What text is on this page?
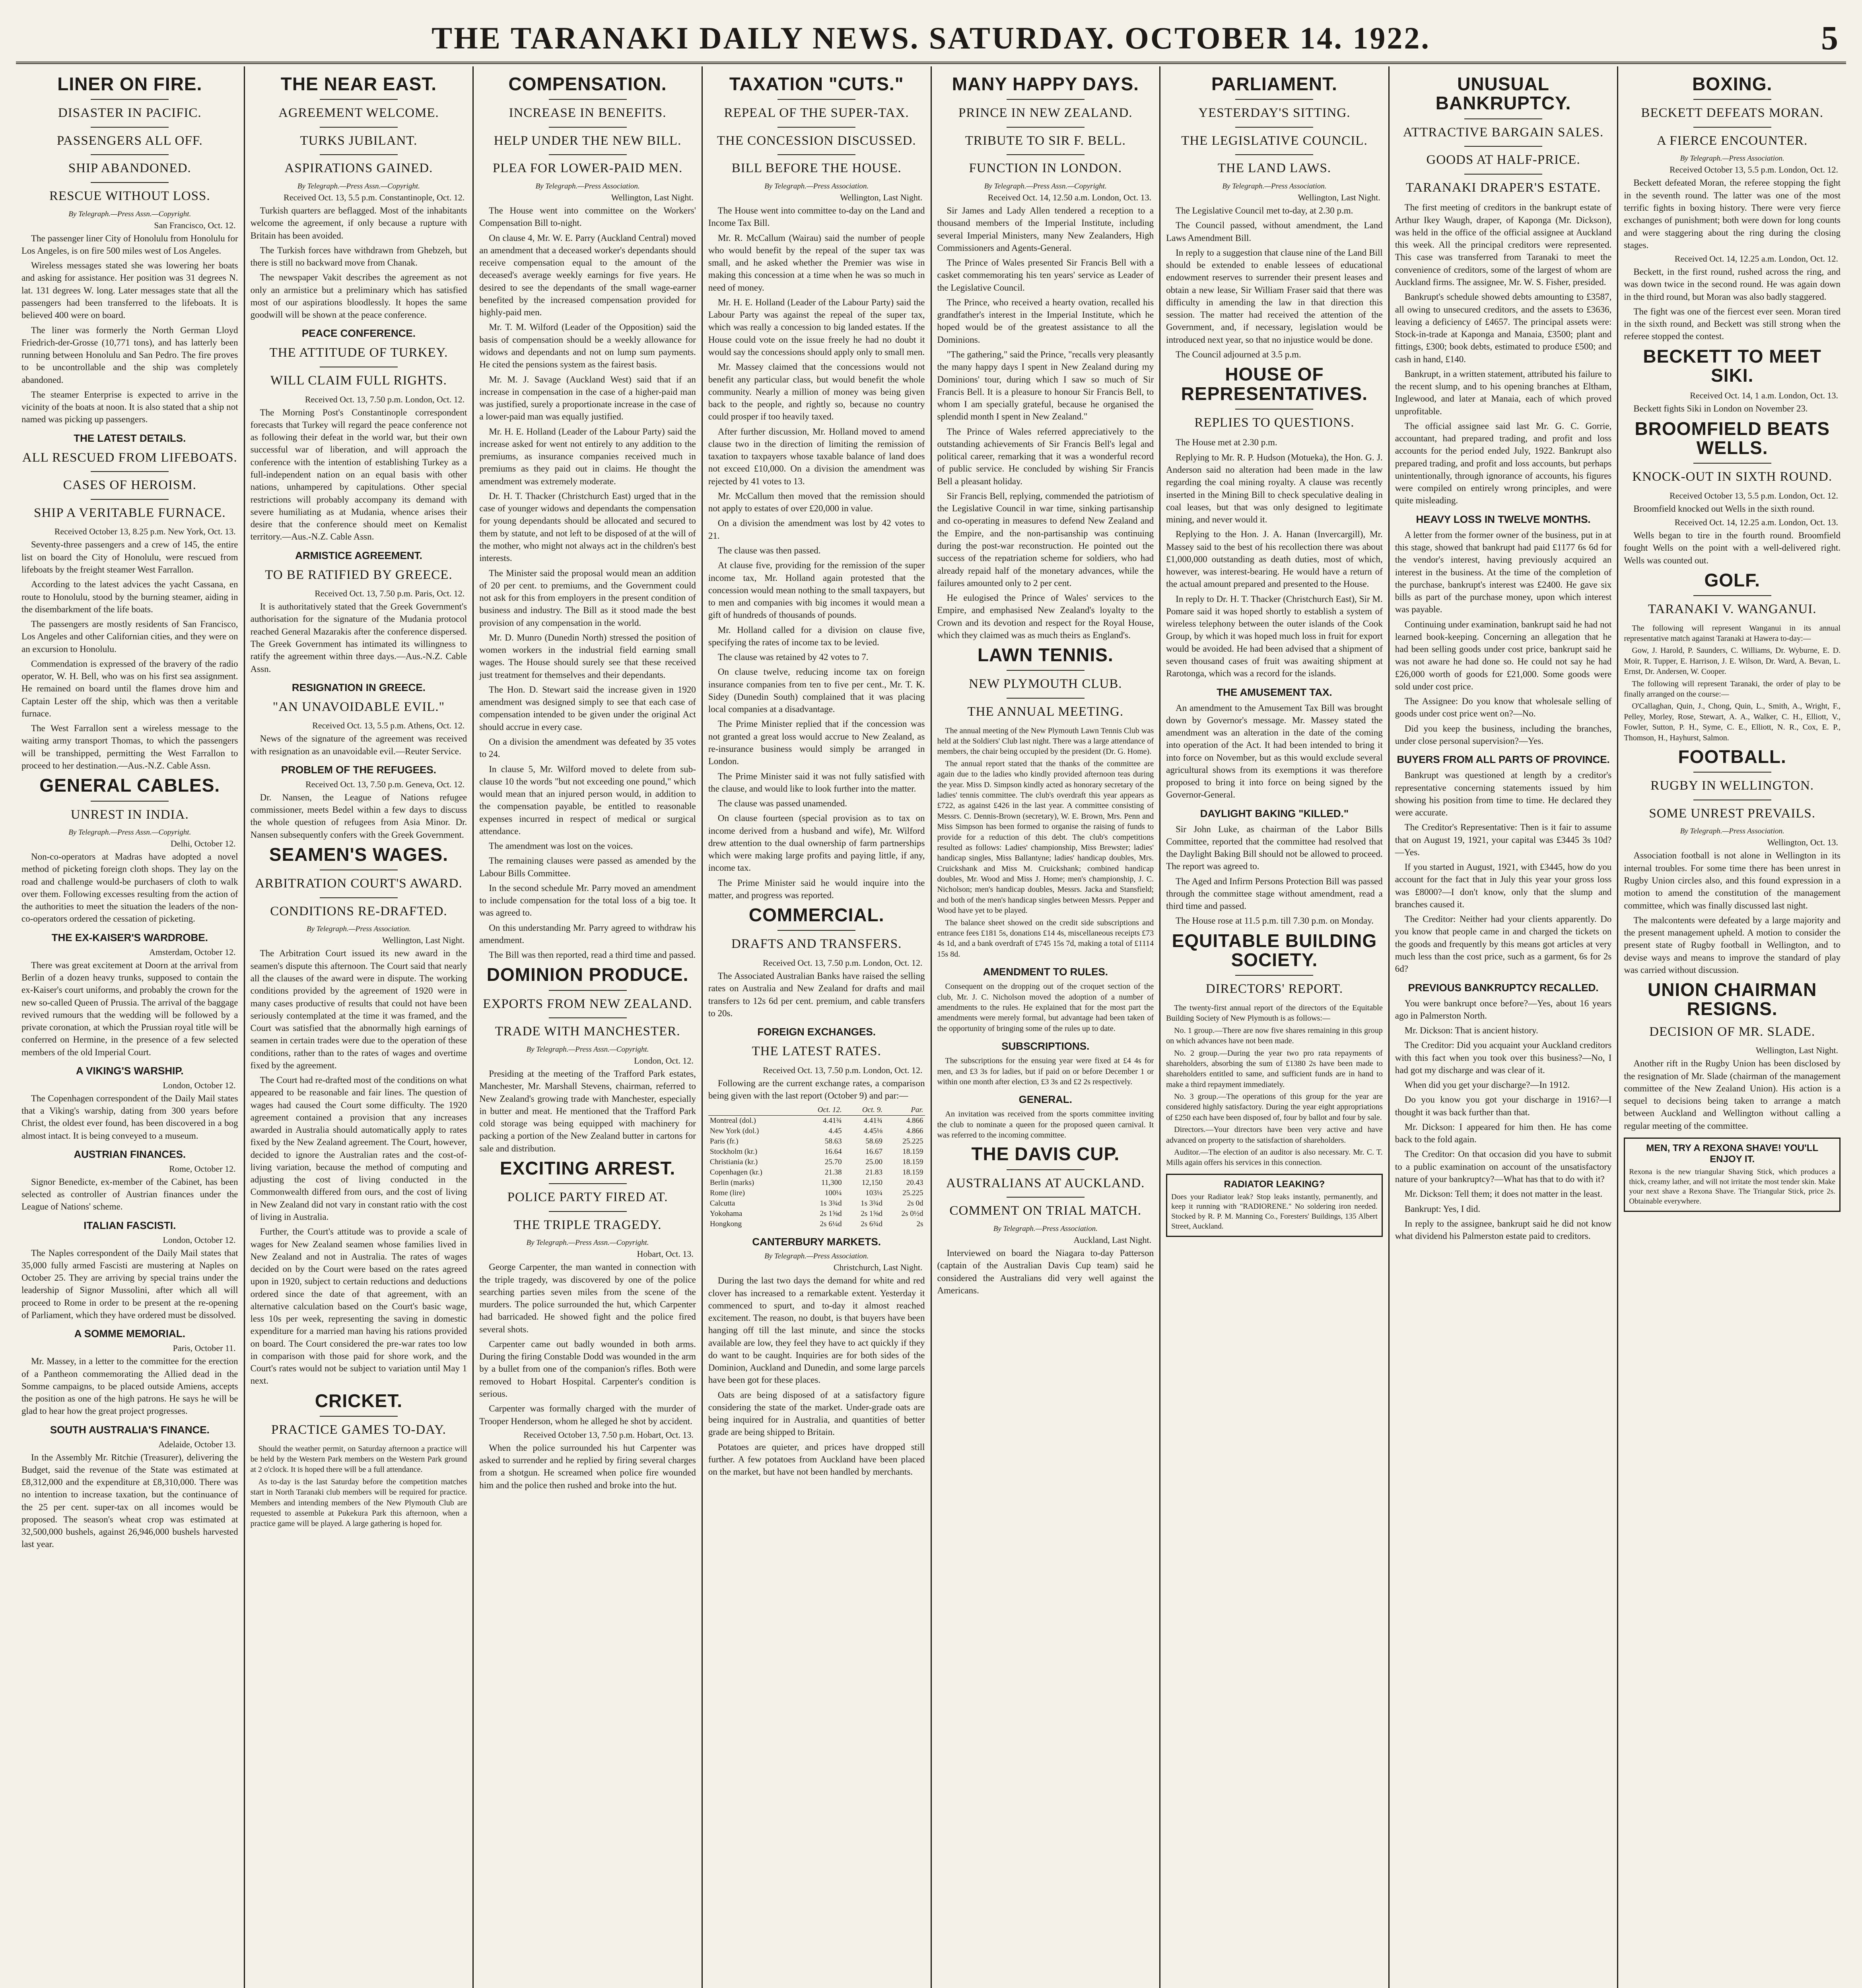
THE TARANAKI DAILY NEWS. SATURDAY. OCTOBER 14. 1922.	5
LINER ON FIRE.
DISASTER IN PACIFIC.
PASSENGERS ALL OFF.
SHIP ABANDONED.
RESCUE WITHOUT LOSS.
By Telegraph.—Press Assn.—Copyright.
San Francisco, Oct. 12.
The passenger liner City of Honolulu from Honolulu for Los Angeles, is on fire 500 miles west of Los Angeles.
Wireless messages stated she was lowering her boats and asking for assistance. Her position was 31 degrees N. lat. 131 degrees W. long. Later messages state that all the passengers had been transferred to the lifeboats. It is believed 400 were on board.
The liner was formerly the North German Lloyd Friedrich-der-Grosse (10,771 tons), and has latterly been running between Honolulu and San Pedro. The fire proves to be uncontrollable and the ship was completely abandoned.
The steamer Enterprise is expected to arrive in the vicinity of the boats at noon. It is also stated that a ship not named was picking up passengers.
THE LATEST DETAILS.
ALL RESCUED FROM LIFEBOATS.
CASES OF HEROISM.
SHIP A VERITABLE FURNACE.
Received October 13, 8.25 p.m. New York, Oct. 13.
Seventy-three passengers and a crew of 145, the entire list on board the City of Honolulu, were rescued from lifeboats by the freight steamer West Farrallon.
According to the latest advices the yacht Cassana, en route to Honolulu, stood by the burning steamer, aiding in the disembarkment of the life boats.
The passengers are mostly residents of San Francisco, Los Angeles and other Californian cities, and they were on an excursion to Honolulu.
Commendation is expressed of the bravery of the radio operator, W. H. Bell, who was on his first sea assignment. He remained on board until the flames drove him and Captain Lester off the ship, which was then a veritable furnace.
The West Farrallon sent a wireless message to the waiting army transport Thomas, to which the passengers will be transhipped, permitting the West Farrallon to proceed to her destination.—Aus.-N.Z. Cable Assn.
GENERAL CABLES.
UNREST IN INDIA.
By Telegraph.—Press Assn.—Copyright.
Delhi, October 12.
Non-co-operators at Madras have adopted a novel method of picketing foreign cloth shops. They lay on the road and challenge would-be purchasers of cloth to walk over them. Following excesses resulting from the action of the authorities to meet the situation the leaders of the non-co-operators ordered the cessation of picketing.
THE EX-KAISER'S WARDROBE.
Amsterdam, October 12.
There was great excitement at Doorn at the arrival from Berlin of a dozen heavy trunks, supposed to contain the ex-Kaiser's court uniforms, and probably the crown for the new so-called Queen of Prussia. The arrival of the baggage revived rumours that the wedding will be followed by a private coronation, at which the Prussian royal title will be conferred on Hermine, in the presence of a few selected members of the old Imperial Court.
A VIKING'S WARSHIP.
London, October 12.
The Copenhagen correspondent of the Daily Mail states that a Viking's warship, dating from 300 years before Christ, the oldest ever found, has been discovered in a bog almost intact. It is being conveyed to a museum.
AUSTRIAN FINANCES.
Rome, October 12.
Signor Benedicte, ex-member of the Cabinet, has been selected as controller of Austrian finances under the League of Nations' scheme.
ITALIAN FASCISTI.
London, October 12.
The Naples correspondent of the Daily Mail states that 35,000 fully armed Fascisti are mustering at Naples on October 25. They are arriving by special trains under the leadership of Signor Mussolini, after which all will proceed to Rome in order to be present at the re-opening of Parliament, which they have ordered must be dissolved.
A SOMME MEMORIAL.
Paris, October 11.
Mr. Massey, in a letter to the committee for the erection of a Pantheon commemorating the Allied dead in the Somme campaigns, to be placed outside Amiens, accepts the position as one of the high patrons. He says he will be glad to hear how the great project progresses.
SOUTH AUSTRALIA'S FINANCE.
Adelaide, October 13.
In the Assembly Mr. Ritchie (Treasurer), delivering the Budget, said the revenue of the State was estimated at £8,312,000 and the expenditure at £8,310,000. There was no intention to increase taxation, but the continuance of the 25 per cent. super-tax on all incomes would be proposed. The season's wheat crop was estimated at 32,500,000 bushels, against 26,946,000 bushels harvested last year.
THE NEAR EAST.
AGREEMENT WELCOME.
TURKS JUBILANT.
ASPIRATIONS GAINED.
By Telegraph.—Press Assn.—Copyright.
Received Oct. 13, 5.5 p.m. Constantinople, Oct. 12.
Turkish quarters are beflagged. Most of the inhabitants welcome the agreement, if only because a rupture with Britain has been avoided.
The Turkish forces have withdrawn from Ghebzeh, but there is still no backward move from Chanak.
The newspaper Vakit describes the agreement as not only an armistice but a preliminary which has satisfied most of our aspirations bloodlessly. It hopes the same goodwill will be shown at the peace conference.
PEACE CONFERENCE.
THE ATTITUDE OF TURKEY.
WILL CLAIM FULL RIGHTS.
Received Oct. 13, 7.50 p.m. London, Oct. 12.
The Morning Post's Constantinople correspondent forecasts that Turkey will regard the peace conference not as following their defeat in the world war, but their own successful war of liberation, and will approach the conference with the intention of establishing Turkey as a full-independent nation on an equal basis with other nations, unhampered by capitulations. Other special restrictions will probably accompany its demand with severe humiliating as at Mudania, whence arises their desire that the conference should meet on Kemalist territory.—Aus.-N.Z. Cable Assn.
ARMISTICE AGREEMENT.
TO BE RATIFIED BY GREECE.
Received Oct. 13, 7.50 p.m. Paris, Oct. 12.
It is authoritatively stated that the Greek Government's authorisation for the signature of the Mudania protocol reached General Mazarakis after the conference dispersed. The Greek Government has intimated its willingness to ratify the agreement within three days.—Aus.-N.Z. Cable Assn.
RESIGNATION IN GREECE.
"AN UNAVOIDABLE EVIL."
Received Oct. 13, 5.5 p.m. Athens, Oct. 12.
News of the signature of the agreement was received with resignation as an unavoidable evil.—Reuter Service.
PROBLEM OF THE REFUGEES.
Received Oct. 13, 7.50 p.m. Geneva, Oct. 12.
Dr. Nansen, the League of Nations refugee commissioner, meets Bedel within a few days to discuss the whole question of refugees from Asia Minor. Dr. Nansen subsequently confers with the Greek Government.
SEAMEN'S WAGES.
ARBITRATION COURT'S AWARD.
CONDITIONS RE-DRAFTED.
By Telegraph.—Press Association.
Wellington, Last Night.
The Arbitration Court issued its new award in the seamen's dispute this afternoon. The Court said that nearly all the clauses of the award were in dispute. The working conditions provided by the agreement of 1920 were in many cases productive of results that could not have been seriously contemplated at the time it was framed, and the Court was satisfied that the abnormally high earnings of seamen in certain trades were due to the operation of these conditions, rather than to the rates of wages and overtime fixed by the agreement.
The Court had re-drafted most of the conditions on what appeared to be reasonable and fair lines. The question of wages had caused the Court some difficulty. The 1920 agreement contained a provision that any increases awarded in Australia should automatically apply to rates fixed by the New Zealand agreement. The Court, however, decided to ignore the Australian rates and the cost-of-living variation, because the method of computing and adjusting the cost of living conducted in the Commonwealth differed from ours, and the cost of living in New Zealand did not vary in constant ratio with the cost of living in Australia.
Further, the Court's attitude was to provide a scale of wages for New Zealand seamen whose families lived in New Zealand and not in Australia. The rates of wages decided on by the Court were based on the rates agreed upon in 1920, subject to certain reductions and deductions ordered since the date of that agreement, with an alternative calculation based on the Court's basic wage, less 10s per week, representing the saving in domestic expenditure for a married man having his rations provided on board. The Court considered the pre-war rates too low in comparison with those paid for shore work, and the Court's rates would not be subject to variation until May 1 next.
CRICKET.
PRACTICE GAMES TO-DAY.
Should the weather permit, on Saturday afternoon a practice will be held by the Western Park members on the Western Park ground at 2 o'clock. It is hoped there will be a full attendance.
As to-day is the last Saturday before the competition matches start in North Taranaki club members will be required for practice. Members and intending members of the New Plymouth Club are requested to assemble at Pukekura Park this afternoon, when a practice game will be played. A large gathering is hoped for.
COMPENSATION.
INCREASE IN BENEFITS.
HELP UNDER THE NEW BILL.
PLEA FOR LOWER-PAID MEN.
By Telegraph.—Press Association.
Wellington, Last Night.
The House went into committee on the Workers' Compensation Bill to-night.
On clause 4, Mr. W. E. Parry (Auckland Central) moved an amendment that a deceased worker's dependants should receive compensation equal to the amount of the deceased's average weekly earnings for five years. He desired to see the dependants of the small wage-earner benefited by the increased compensation provided for highly-paid men.
Mr. T. M. Wilford (Leader of the Opposition) said the basis of compensation should be a weekly allowance for widows and dependants and not on lump sum payments. He cited the pensions system as the fairest basis.
Mr. M. J. Savage (Auckland West) said that if an increase in compensation in the case of a higher-paid man was justified, surely a proportionate increase in the case of a lower-paid man was equally justified.
Mr. H. E. Holland (Leader of the Labour Party) said the increase asked for went not entirely to any addition to the premiums, as insurance companies received much in premiums as they paid out in claims. He thought the amendment was extremely moderate.
Dr. H. T. Thacker (Christchurch East) urged that in the case of younger widows and dependants the compensation for young dependants should be allocated and secured to them by statute, and not left to be disposed of at the will of the mother, who might not always act in the children's best interests.
The Minister said the proposal would mean an addition of 20 per cent. to premiums, and the Government could not ask for this from employers in the present condition of business and industry. The Bill as it stood made the best provision of any compensation in the world.
Mr. D. Munro (Dunedin North) stressed the position of women workers in the industrial field earning small wages. The House should surely see that these received just treatment for themselves and their dependants.
The Hon. D. Stewart said the increase given in 1920 amendment was designed simply to see that each case of compensation intended to be given under the original Act should accrue in every case.
On a division the amendment was defeated by 35 votes to 24.
In clause 5, Mr. Wilford moved to delete from sub-clause 10 the words "but not exceeding one pound," which would mean that an injured person would, in addition to the compensation payable, be entitled to reasonable expenses incurred in respect of medical or surgical attendance.
The amendment was lost on the voices.
The remaining clauses were passed as amended by the Labour Bills Committee.
In the second schedule Mr. Parry moved an amendment to include compensation for the total loss of a big toe. It was agreed to.
On this understanding Mr. Parry agreed to withdraw his amendment.
The Bill was then reported, read a third time and passed.
DOMINION PRODUCE.
EXPORTS FROM NEW ZEALAND.
TRADE WITH MANCHESTER.
By Telegraph.—Press Assn.—Copyright.
London, Oct. 12.
Presiding at the meeting of the Trafford Park estates, Manchester, Mr. Marshall Stevens, chairman, referred to New Zealand's growing trade with Manchester, especially in butter and meat. He mentioned that the Trafford Park cold storage was being equipped with machinery for packing a portion of the New Zealand butter in cartons for sale and distribution.
EXCITING ARREST.
POLICE PARTY FIRED AT.
THE TRIPLE TRAGEDY.
By Telegraph.—Press Assn.—Copyright.
Hobart, Oct. 13.
George Carpenter, the man wanted in connection with the triple tragedy, was discovered by one of the police searching parties seven miles from the scene of the murders. The police surrounded the hut, which Carpenter had barricaded. He showed fight and the police fired several shots.
Carpenter came out badly wounded in both arms. During the firing Constable Dodd was wounded in the arm by a bullet from one of the companion's rifles. Both were removed to Hobart Hospital. Carpenter's condition is serious.
Carpenter was formally charged with the murder of Trooper Henderson, whom he alleged he shot by accident.
Received October 13, 7.50 p.m. Hobart, Oct. 13.
When the police surrounded his hut Carpenter was asked to surrender and he replied by firing several charges from a shotgun. He screamed when police fire wounded him and the police then rushed and broke into the hut.
TAXATION "CUTS."
REPEAL OF THE SUPER-TAX.
THE CONCESSION DISCUSSED.
BILL BEFORE THE HOUSE.
By Telegraph.—Press Association.
Wellington, Last Night.
The House went into committee to-day on the Land and Income Tax Bill.
Mr. R. McCallum (Wairau) said the number of people who would benefit by the repeal of the super tax was small, and he asked whether the Premier was wise in making this concession at a time when he was so much in need of money.
Mr. H. E. Holland (Leader of the Labour Party) said the Labour Party was against the repeal of the super tax, which was really a concession to big landed estates. If the House could vote on the issue freely he had no doubt it would say the concessions should apply only to small men.
Mr. Massey claimed that the concessions would not benefit any particular class, but would benefit the whole community. Nearly a million of money was being given back to the people, and rightly so, because no country could prosper if too heavily taxed.
After further discussion, Mr. Holland moved to amend clause two in the direction of limiting the remission of taxation to taxpayers whose taxable balance of land does not exceed £10,000. On a division the amendment was rejected by 41 votes to 13.
Mr. McCallum then moved that the remission should not apply to estates of over £20,000 in value.
On a division the amendment was lost by 42 votes to 21.
The clause was then passed.
At clause five, providing for the remission of the super income tax, Mr. Holland again protested that the concession would mean nothing to the small taxpayers, but to men and companies with big incomes it would mean a gift of hundreds of thousands of pounds.
Mr. Holland called for a division on clause five, specifying the rates of income tax to be levied.
The clause was retained by 42 votes to 7.
On clause twelve, reducing income tax on foreign insurance companies from ten to five per cent., Mr. T. K. Sidey (Dunedin South) complained that it was placing local companies at a disadvantage.
The Prime Minister replied that if the concession was not granted a great loss would accrue to New Zealand, as re-insurance business would simply be arranged in London.
The Prime Minister said it was not fully satisfied with the clause, and would like to look further into the matter.
The clause was passed unamended.
On clause fourteen (special provision as to tax on income derived from a husband and wife), Mr. Wilford drew attention to the dual ownership of farm partnerships which were making large profits and paying little, if any, income tax.
The Prime Minister said he would inquire into the matter, and progress was reported.
COMMERCIAL.
DRAFTS AND TRANSFERS.
Received Oct. 13, 7.50 p.m. London, Oct. 12.
The Associated Australian Banks have raised the selling rates on Australia and New Zealand for drafts and mail transfers to 12s 6d per cent. premium, and cable transfers to 20s.
FOREIGN EXCHANGES.
THE LATEST RATES.
Received Oct. 13, 7.50 p.m. London, Oct. 12.
Following are the current exchange rates, a comparison being given with the last report (October 9) and par:—
	Oct. 12.	Oct. 9.	Par.
Montreal (dol.)	4.41¾	4.41¾	4.866
New York (dol.)	4.45	4.45⅛	4.866
Paris (fr.)	58.63	58.69	25.225
Stockholm (kr.)	16.64	16.67	18.159
Christiania (kr.)	25.70	25.00	18.159
Copenhagen (kr.)	21.38	21.83	18.159
Berlin (marks)	11,300	12,150	20.43
Rome (lire)	100¼	103¼	25.225
Calcutta	1s 3¾d	1s 3¾d	2s 0d
Yokohama	2s 1⅝d	2s 1⅝d	2s 0½d
Hongkong	2s 6¼d	2s 6¾d	2s
CANTERBURY MARKETS.
By Telegraph.—Press Association.
Christchurch, Last Night.
During the last two days the demand for white and red clover has increased to a remarkable extent. Yesterday it commenced to spurt, and to-day it almost reached excitement. The reason, no doubt, is that buyers have been hanging off till the last minute, and since the stocks available are low, they feel they have to act quickly if they do want to be caught. Inquiries are for both sides of the Dominion, Auckland and Dunedin, and some large parcels have been got for these places.
Oats are being disposed of at a satisfactory figure considering the state of the market. Under-grade oats are being inquired for in Australia, and quantities of better grade are being shipped to Britain.
Potatoes are quieter, and prices have dropped still further. A few potatoes from Auckland have been placed on the market, but have not been handled by merchants.
MANY HAPPY DAYS.
PRINCE IN NEW ZEALAND.
TRIBUTE TO SIR F. BELL.
FUNCTION IN LONDON.
By Telegraph.—Press Assn.—Copyright.
Received Oct. 14, 12.50 a.m. London, Oct. 13.
Sir James and Lady Allen tendered a reception to a thousand members of the Imperial Institute, including several Imperial Ministers, many New Zealanders, High Commissioners and Agents-General.
The Prince of Wales presented Sir Francis Bell with a casket commemorating his ten years' service as Leader of the Legislative Council.
The Prince, who received a hearty ovation, recalled his grandfather's interest in the Imperial Institute, which he hoped would be of the greatest assistance to all the Dominions.
"The gathering," said the Prince, "recalls very pleasantly the many happy days I spent in New Zealand during my Dominions' tour, during which I saw so much of Sir Francis Bell. It is a pleasure to honour Sir Francis Bell, to whom I am specially grateful, because he organised the splendid month I spent in New Zealand."
The Prince of Wales referred appreciatively to the outstanding achievements of Sir Francis Bell's legal and political career, remarking that it was a wonderful record of public service. He concluded by wishing Sir Francis Bell a pleasant holiday.
Sir Francis Bell, replying, commended the patriotism of the Legislative Council in war time, sinking partisanship and co-operating in measures to defend New Zealand and the Empire, and the non-partisanship was continuing during the post-war reconstruction. He pointed out the success of the repatriation scheme for soldiers, who had already repaid half of the monetary advances, while the failures amounted only to 2 per cent.
He eulogised the Prince of Wales' services to the Empire, and emphasised New Zealand's loyalty to the Crown and its devotion and respect for the Royal House, which they claimed was as much theirs as England's.
LAWN TENNIS.
NEW PLYMOUTH CLUB.
THE ANNUAL MEETING.
The annual meeting of the New Plymouth Lawn Tennis Club was held at the Soldiers' Club last night. There was a large attendance of members, the chair being occupied by the president (Dr. G. Home).
The annual report stated that the thanks of the committee are again due to the ladies who kindly provided afternoon teas during the year. Miss D. Simpson kindly acted as honorary secretary of the ladies' tennis committee. The club's overdraft this year appears as £722, as against £426 in the last year. A committee consisting of Messrs. C. Dennis-Brown (secretary), W. E. Brown, Mrs. Penn and Miss Simpson has been formed to organise the raising of funds to provide for a reduction of this debt. The club's competitions resulted as follows: Ladies' championship, Miss Brewster; ladies' handicap singles, Miss Ballantyne; ladies' handicap doubles, Mrs. Cruickshank and Miss M. Cruickshank; combined handicap doubles, Mr. Wood and Miss J. Home; men's championship, J. C. Nicholson; men's handicap doubles, Messrs. Jacka and Stansfield; and both of the men's handicap singles between Messrs. Pepper and Wood have yet to be played.
The balance sheet showed on the credit side subscriptions and entrance fees £181 5s, donations £14 4s, miscellaneous receipts £73 4s 1d, and a bank overdraft of £745 15s 7d, making a total of £1114 15s 8d.
AMENDMENT TO RULES.
Consequent on the dropping out of the croquet section of the club, Mr. J. C. Nicholson moved the adoption of a number of amendments to the rules. He explained that for the most part the amendments were merely formal, but advantage had been taken of the opportunity of bringing some of the rules up to date.
SUBSCRIPTIONS.
The subscriptions for the ensuing year were fixed at £4 4s for men, and £3 3s for ladies, but if paid on or before December 1 or within one month after election, £3 3s and £2 2s respectively.
GENERAL.
An invitation was received from the sports committee inviting the club to nominate a queen for the proposed queen carnival. It was referred to the incoming committee.
THE DAVIS CUP.
AUSTRALIANS AT AUCKLAND.
COMMENT ON TRIAL MATCH.
By Telegraph.—Press Association.
Auckland, Last Night.
Interviewed on board the Niagara to-day Patterson (captain of the Australian Davis Cup team) said he considered the Australians did very well against the Americans.
PARLIAMENT.
YESTERDAY'S SITTING.
THE LEGISLATIVE COUNCIL.
THE LAND LAWS.
By Telegraph.—Press Association.
Wellington, Last Night.
The Legislative Council met to-day, at 2.30 p.m.
The Council passed, without amendment, the Land Laws Amendment Bill.
In reply to a suggestion that clause nine of the Land Bill should be extended to enable lessees of educational endowment reserves to surrender their present leases and obtain a new lease, Sir William Fraser said that there was difficulty in amending the law in that direction this session. The matter had received the attention of the Government, and, if necessary, legislation would be introduced next year, so that no injustice would be done.
The Council adjourned at 3.5 p.m.
HOUSE OF REPRESENTATIVES.
REPLIES TO QUESTIONS.
The House met at 2.30 p.m.
Replying to Mr. R. P. Hudson (Motueka), the Hon. G. J. Anderson said no alteration had been made in the law regarding the coal mining royalty. A clause was recently inserted in the Mining Bill to check speculative dealing in coal leases, but that was only designed to legitimate mining, and never would it.
Replying to the Hon. J. A. Hanan (Invercargill), Mr. Massey said to the best of his recollection there was about £1,000,000 outstanding as death duties, most of which, however, was interest-bearing. He would have a return of the actual amount prepared and presented to the House.
In reply to Dr. H. T. Thacker (Christchurch East), Sir M. Pomare said it was hoped shortly to establish a system of wireless telephony between the outer islands of the Cook Group, by which it was hoped much loss in fruit for export would be avoided. He had been advised that a shipment of seven thousand cases of fruit was awaiting shipment at Rarotonga, which was a record for the islands.
THE AMUSEMENT TAX.
An amendment to the Amusement Tax Bill was brought down by Governor's message. Mr. Massey stated the amendment was an alteration in the date of the coming into operation of the Act. It had been intended to bring it into force on November, but as this would exclude several agricultural shows from its exemptions it was therefore proposed to bring it into force on being signed by the Governor-General.
DAYLIGHT BAKING "KILLED."
Sir John Luke, as chairman of the Labor Bills Committee, reported that the committee had resolved that the Daylight Baking Bill should not be allowed to proceed. The report was agreed to.
The Aged and Infirm Persons Protection Bill was passed through the committee stage without amendment, read a third time and passed.
The House rose at 11.5 p.m. till 7.30 p.m. on Monday.
EQUITABLE BUILDING SOCIETY.
DIRECTORS' REPORT.
The twenty-first annual report of the directors of the Equitable Building Society of New Plymouth is as follows:—
No. 1 group.—There are now five shares remaining in this group on which advances have not been made.
No. 2 group.—During the year two pro rata repayments of shareholders, absorbing the sum of £1380 2s have been made to shareholders entitled to same, and sufficient funds are in hand to make a third repayment immediately.
No. 3 group.—The operations of this group for the year are considered highly satisfactory. During the year eight appropriations of £250 each have been disposed of, four by ballot and four by sale.
Directors.—Your directors have been very active and have advanced on property to the satisfaction of shareholders.
Auditor.—The election of an auditor is also necessary. Mr. C. T. Mills again offers his services in this connection.
RADIATOR LEAKING?
Does your Radiator leak? Stop leaks instantly, permanently, and keep it running with "RADIORENE." No soldering iron needed. Stocked by R. P. M. Manning Co., Foresters' Buildings, 135 Albert Street, Auckland.
UNUSUAL BANKRUPTCY.
ATTRACTIVE BARGAIN SALES.
GOODS AT HALF-PRICE.
TARANAKI DRAPER'S ESTATE.
The first meeting of creditors in the bankrupt estate of Arthur Ikey Waugh, draper, of Kaponga (Mr. Dickson), was held in the office of the official assignee at Auckland this week. All the principal creditors were represented. This case was transferred from Taranaki to meet the convenience of creditors, some of the largest of whom are Auckland firms. The assignee, Mr. W. S. Fisher, presided.
Bankrupt's schedule showed debts amounting to £3587, all owing to unsecured creditors, and the assets to £3636, leaving a deficiency of £4657. The principal assets were: Stock-in-trade at Kaponga and Manaia, £3500; plant and fittings, £300; book debts, estimated to produce £500; and cash in hand, £140.
Bankrupt, in a written statement, attributed his failure to the recent slump, and to his opening branches at Eltham, Inglewood, and later at Manaia, each of which proved unprofitable.
The official assignee said last Mr. G. C. Gorrie, accountant, had prepared trading, and profit and loss accounts for the period ended July, 1922. Bankrupt also prepared trading, and profit and loss accounts, but perhaps unintentionally, through ignorance of accounts, his figures were compiled on entirely wrong principles, and were quite misleading.
HEAVY LOSS IN TWELVE MONTHS.
A letter from the former owner of the business, put in at this stage, showed that bankrupt had paid £1177 6s 6d for the vendor's interest, having previously acquired an interest in the business. At the time of the completion of the purchase, bankrupt's interest was £2400. He gave six bills as part of the purchase money, upon which interest was payable.
Continuing under examination, bankrupt said he had not learned book-keeping. Concerning an allegation that he had been selling goods under cost price, bankrupt said he was not aware he had done so. He could not say he had £26,000 worth of goods for £21,000. Some goods were sold under cost price.
The Assignee: Do you know that wholesale selling of goods under cost price went on?—No.
Did you keep the business, including the branches, under close personal supervision?—Yes.
BUYERS FROM ALL PARTS OF PROVINCE.
Bankrupt was questioned at length by a creditor's representative concerning statements issued by him showing his position from time to time. He declared they were accurate.
The Creditor's Representative: Then is it fair to assume that on August 19, 1921, your capital was £3445 3s 10d?—Yes.
If you started in August, 1921, with £3445, how do you account for the fact that in July this year your gross loss was £8000?—I don't know, only that the slump and branches caused it.
The Creditor: Neither had your clients apparently. Do you know that people came in and charged the tickets on the goods and frequently by this means got articles at very much less than the cost price, such as a garment, 6s for 2s 6d?
PREVIOUS BANKRUPTCY RECALLED.
You were bankrupt once before?—Yes, about 16 years ago in Palmerston North.
Mr. Dickson: That is ancient history.
The Creditor: Did you acquaint your Auckland creditors with this fact when you took over this business?—No, I had got my discharge and was clear of it.
When did you get your discharge?—In 1912.
Do you know you got your discharge in 1916?—I thought it was back further than that.
Mr. Dickson: I appeared for him then. He has come back to the fold again.
The Creditor: On that occasion did you have to submit to a public examination on account of the unsatisfactory nature of your bankruptcy?—What has that to do with it?
Mr. Dickson: Tell them; it does not matter in the least.
Bankrupt: Yes, I did.
In reply to the assignee, bankrupt said he did not know what dividend his Palmerston estate paid to creditors.
BOXING.
BECKETT DEFEATS MORAN.
A FIERCE ENCOUNTER.
By Telegraph.—Press Association.
Received October 13, 5.5 p.m. London, Oct. 12.
Beckett defeated Moran, the referee stopping the fight in the seventh round. The latter was one of the most terrific fights in boxing history. There were very fierce exchanges of punishment; both were down for long counts and were staggering about the ring during the closing stages.
Received Oct. 14, 12.25 a.m. London, Oct. 12.
Beckett, in the first round, rushed across the ring, and was down twice in the second round. He was again down in the third round, but Moran was also badly staggered.
The fight was one of the fiercest ever seen. Moran tired in the sixth round, and Beckett was still strong when the referee stopped the contest.
BECKETT TO MEET SIKI.
Received Oct. 14, 1 a.m. London, Oct. 13.
Beckett fights Siki in London on November 23.
BROOMFIELD BEATS WELLS.
KNOCK-OUT IN SIXTH ROUND.
Received October 13, 5.5 p.m. London, Oct. 12.
Broomfield knocked out Wells in the sixth round.
Received Oct. 14, 12.25 a.m. London, Oct. 13.
Wells began to tire in the fourth round. Broomfield fought Wells on the point with a well-delivered right. Wells was counted out.
GOLF.
TARANAKI V. WANGANUI.
The following will represent Wanganui in its annual representative match against Taranaki at Hawera to-day:—
Gow, J. Harold, P. Saunders, C. Williams, Dr. Wyburne, E. D. Moir, R. Tupper, E. Harrison, J. E. Wilson, Dr. Ward, A. Bevan, L. Ernst, Dr. Andersen, W. Cooper.
The following will represent Taranaki, the order of play to be finally arranged on the course:—
O'Callaghan, Quin, J., Chong, Quin, L., Smith, A., Wright, F., Pelley, Morley, Rose, Stewart, A. A., Walker, C. H., Elliott, V., Fowler, Sutton, P. H., Syme, C. E., Elliott, N. R., Cox, E. P., Thomson, H., Hayhurst, Salmon.
FOOTBALL.
RUGBY IN WELLINGTON.
SOME UNREST PREVAILS.
By Telegraph.—Press Association.
Wellington, Oct. 13.
Association football is not alone in Wellington in its internal troubles. For some time there has been unrest in Rugby Union circles also, and this found expression in a motion to amend the constitution of the management committee, which was finally discussed last night.
The malcontents were defeated by a large majority and the present management upheld. A motion to consider the present state of Rugby football in Wellington, and to devise ways and means to improve the standard of play was carried without discussion.
UNION CHAIRMAN RESIGNS.
DECISION OF MR. SLADE.
Wellington, Last Night.
Another rift in the Rugby Union has been disclosed by the resignation of Mr. Slade (chairman of the management committee of the New Zealand Union). His action is a sequel to decisions being taken to arrange a match between Auckland and Wellington without calling a regular meeting of the committee.
MEN, TRY A REXONA SHAVE! YOU'LL ENJOY IT.
Rexona is the new triangular Shaving Stick, which produces a thick, creamy lather, and will not irritate the most tender skin. Make your next shave a Rexona Shave. The Triangular Stick, price 2s. Obtainable everywhere.
